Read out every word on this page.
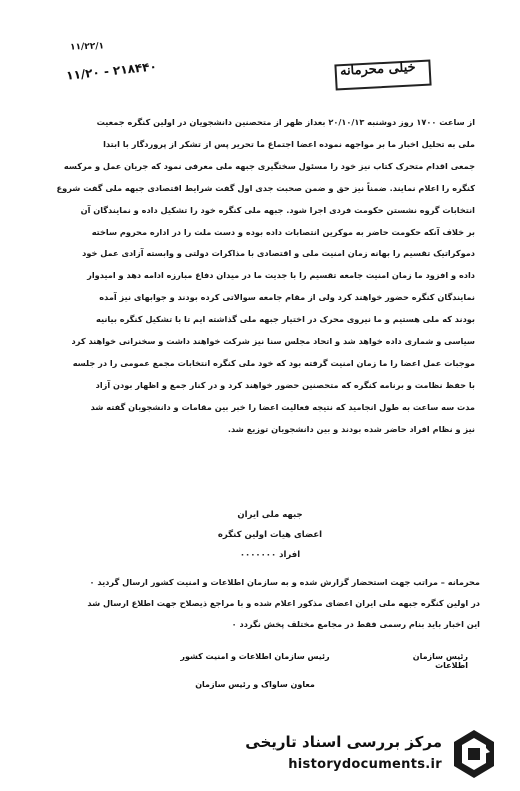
۱۱/۲۲/۱
۱۱/۲۰ - ۲۱۸۴۴۰	خیلی محرمانه
از ساعت ۱۷۰۰ روز دوشنبه ۲۰/۱۰/۱۳ بعداز ظهر از متحصنین دانشجویان در اولین کنگره جمعیت
ملی به تحلیل اخبار ما بر مواجهه نموده اعضا اجتماع ما تحریر پس از تشکر از پروردگار با ابتدا
جمعی اقدام متحرک کتاب نیز خود را مسئول سختگیری جبهه ملی معرفی نمود که جریان عمل و مرکسه
کنگره را اعلام نمایند. ضمناً نیز حق و ضمن صحبت جدی اول گفت شرایط اقتصادی جبهه ملی گفت شروع
انتخابات گروه نشستن حکومت فردی اجرا شود. جبهه ملی کنگره خود را تشکیل داده و نمایندگان آن
بر خلاف آنکه حکومت حاضر به موکرین انتصابات داده بوده و دست ملت را در اداره محروم ساخته
دموکراتیک تقسیم را بهانه زمان امنیت ملی و اقتصادی با مذاکرات دولتی و وابسته آزادی عمل خود
داده و افزود ما زمان امنیت جامعه تقسیم را با جدیت ما در میدان دفاع مبارزه ادامه دهد و امیدوار
نمایندگان کنگره حضور خواهند کرد ولی از مقام جامعه سوالاتی کرده بودند و جوابهای نیز آمده
بودند که ملی هستیم و ما نیروی محرک در اختیار جبهه ملی گذاشته ایم تا با تشکیل کنگره بیانیه
سیاسی و شماری داده خواهد شد و اتحاد مجلس سنا نیز شرکت خواهند داشت و سخنرانی خواهند کرد
موجبات عمل اعضا را ما زمان امنیت گرفته بود که خود ملی کنگره انتخابات مجمع عمومی را در جلسه
با حفظ نظامت و برنامه کنگره که متحصنین حضور خواهند کرد و در کنار جمع و اظهار بودن آزاد
مدت سه ساعت به طول انجامید که نتیجه فعالیت اعضا را خبر بین مقامات و دانشجویان گفته شد
نیز و نظام افراد حاضر شده بودند و بین دانشجویان توزیع شد.
جبهه ملی ایران
اعضای هیات اولین کنگره
افراد ۰۰۰۰۰۰۰
محرمانه – مراتب جهت استحضار گزارش شده و به سازمان اطلاعات و امنیت کشور ارسال گردید ۰
در اولین کنگره جبهه ملی ایران اعضای مذکور اعلام شده و با مراجع ذیصلاح جهت اطلاع ارسال شد
این اخبار باید بنام رسمی فقط در مجامع مختلف پخش نگردد ۰
رئیس سازمان اطلاعات
رئیس سازمان اطلاعات و امنیت کشور
معاون ساواک و رئیس سازمان
مرکز بررسی اسناد تاریخی
historydocuments.ir
